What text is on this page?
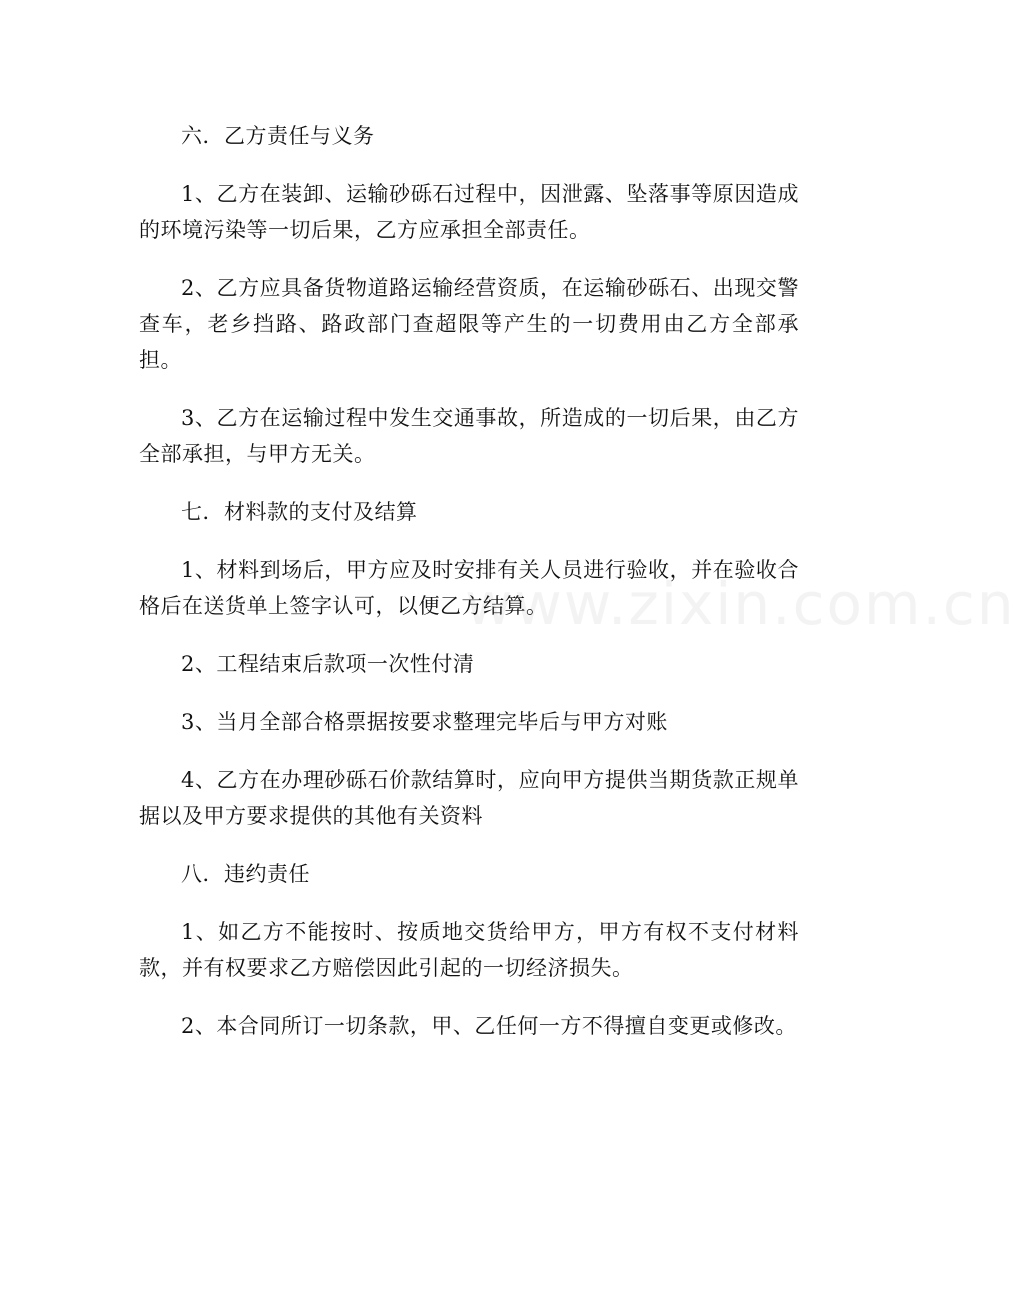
www.zixin.com.cn

六．乙方责任与义务

1、乙方在装卸、运输砂砾石过程中，因泄露、坠落事等原因造成的环境污染等一切后果，乙方应承担全部责任。

2、乙方应具备货物道路运输经营资质，在运输砂砾石、出现交警查车，老乡挡路、路政部门查超限等产生的一切费用由乙方全部承担。

3、乙方在运输过程中发生交通事故，所造成的一切后果，由乙方全部承担，与甲方无关。

七．材料款的支付及结算

1、材料到场后，甲方应及时安排有关人员进行验收，并在验收合格后在送货单上签字认可，以便乙方结算。

2、工程结束后款项一次性付清

3、当月全部合格票据按要求整理完毕后与甲方对账

4、乙方在办理砂砾石价款结算时，应向甲方提供当期货款正规单据以及甲方要求提供的其他有关资料

八．违约责任

1、如乙方不能按时、按质地交货给甲方，甲方有权不支付材料款，并有权要求乙方赔偿因此引起的一切经济损失。

2、本合同所订一切条款，甲、乙任何一方不得擅自变更或修改。
